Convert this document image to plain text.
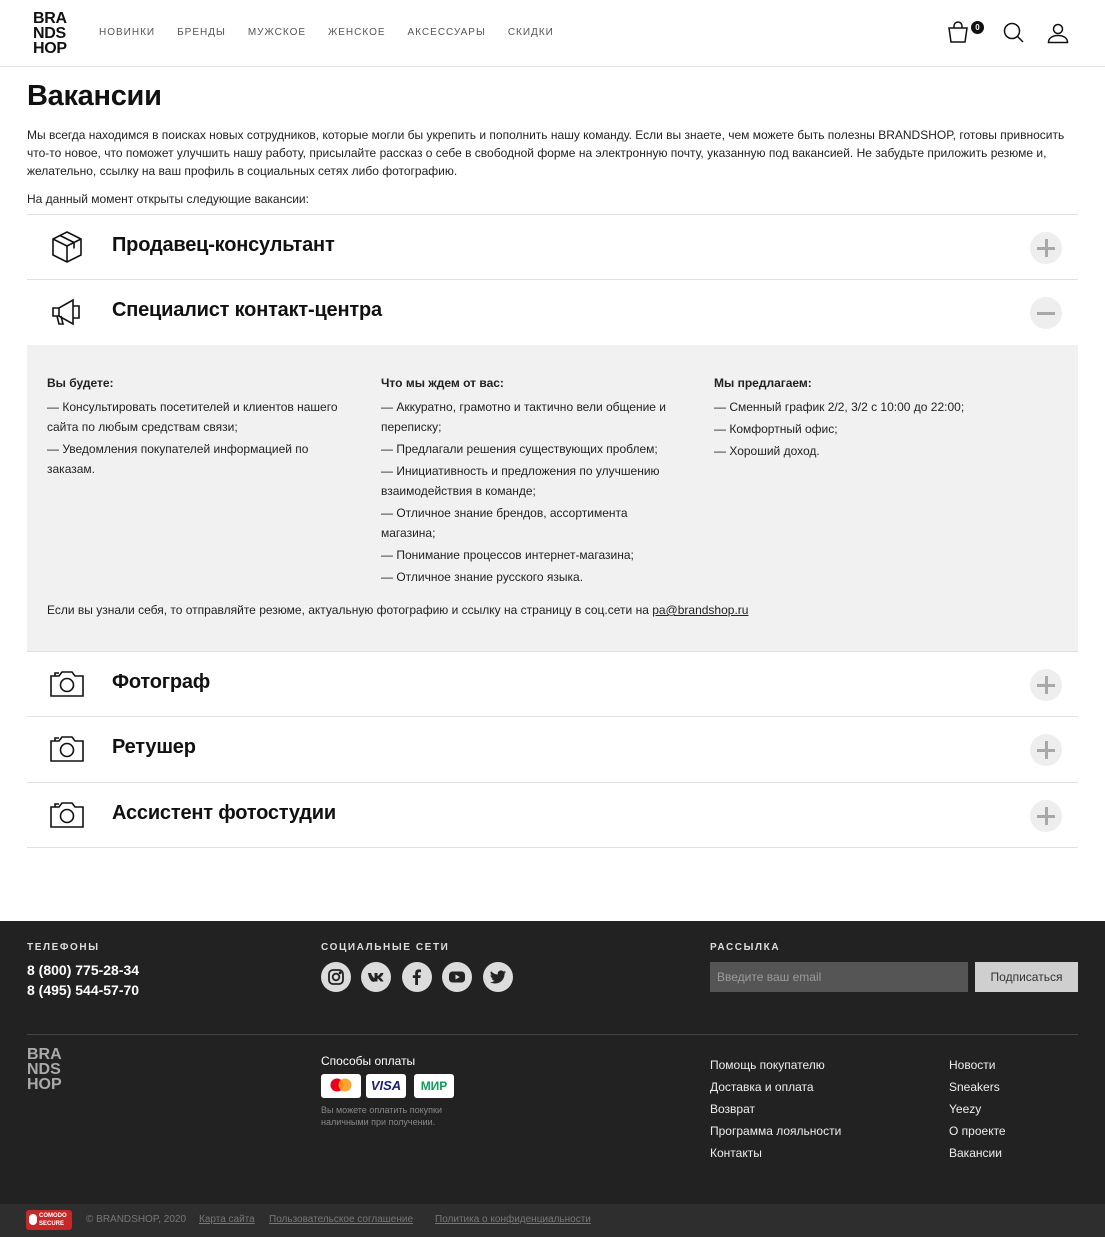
BRA
NDS
HOP
НОВИНКИ БРЕНДЫ МУЖСКОЕ ЖЕНСКОЕ АКСЕССУАРЫ СКИДКИ	0
Вакансии

Мы всегда находимся в поисках новых сотрудников, которые могли бы укрепить и пополнить нашу команду. Если вы знаете, чем можете быть полезны BRANDSHOP, готовы привносить что-то новое, что поможет улучшить нашу работу, присылайте рассказ о себе в свободной форме на электронную почту, указанную под вакансией. Не забудьте приложить резюме и, желательно, ссылку на ваш профиль в социальных сетях либо фотографию.

На данный момент открыты следующие вакансии:

Продавец-консультант
Специалист контакт-центра
Вы будете:

— Консультировать посетителей и клиентов нашего сайта по любым средствам связи;

— Уведомления покупателей информацией по заказам.

Что мы ждем от вас:

— Аккуратно, грамотно и тактично вели общение и переписку;

— Предлагали решения существующих проблем;

— Инициативность и предложения по улучшению взаимодействия в команде;

— Отличное знание брендов, ассортимента магазина;

— Понимание процессов интернет-магазина;

— Отличное знание русского языка.

Мы предлагаем:

— Сменный график 2/2, 3/2 с 10:00 до 22:00;

— Комфортный офис;

— Хороший доход.

Если вы узнали себя, то отправляйте резюме, актуальную фотографию и ссылку на страницу в соц.сети на pa@brandshop.ru
Фотограф
Ретушер
Ассистент фотостудии
ТЕЛЕФОНЫ
8 (800) 775-28-34
8 (495) 544-57-70
СОЦИАЛЬНЫЕ СЕТИ	РАССЫЛКА
Введите ваш email
Подписаться
BRA
NDS
HOP
Способы оплаты
VISA	МИР
Вы можете оплатить покупки наличными при получении.
Помощь покупателю
Доставка и оплата
Возврат
Программа лояльности
Контакты
Новости
Sneakers
Yeezy
О проекте
Вакансии
COMODO SECURE	© BRANDSHOP, 2020 Карта сайта Пользовательское соглашение Политика о конфиденциальности
